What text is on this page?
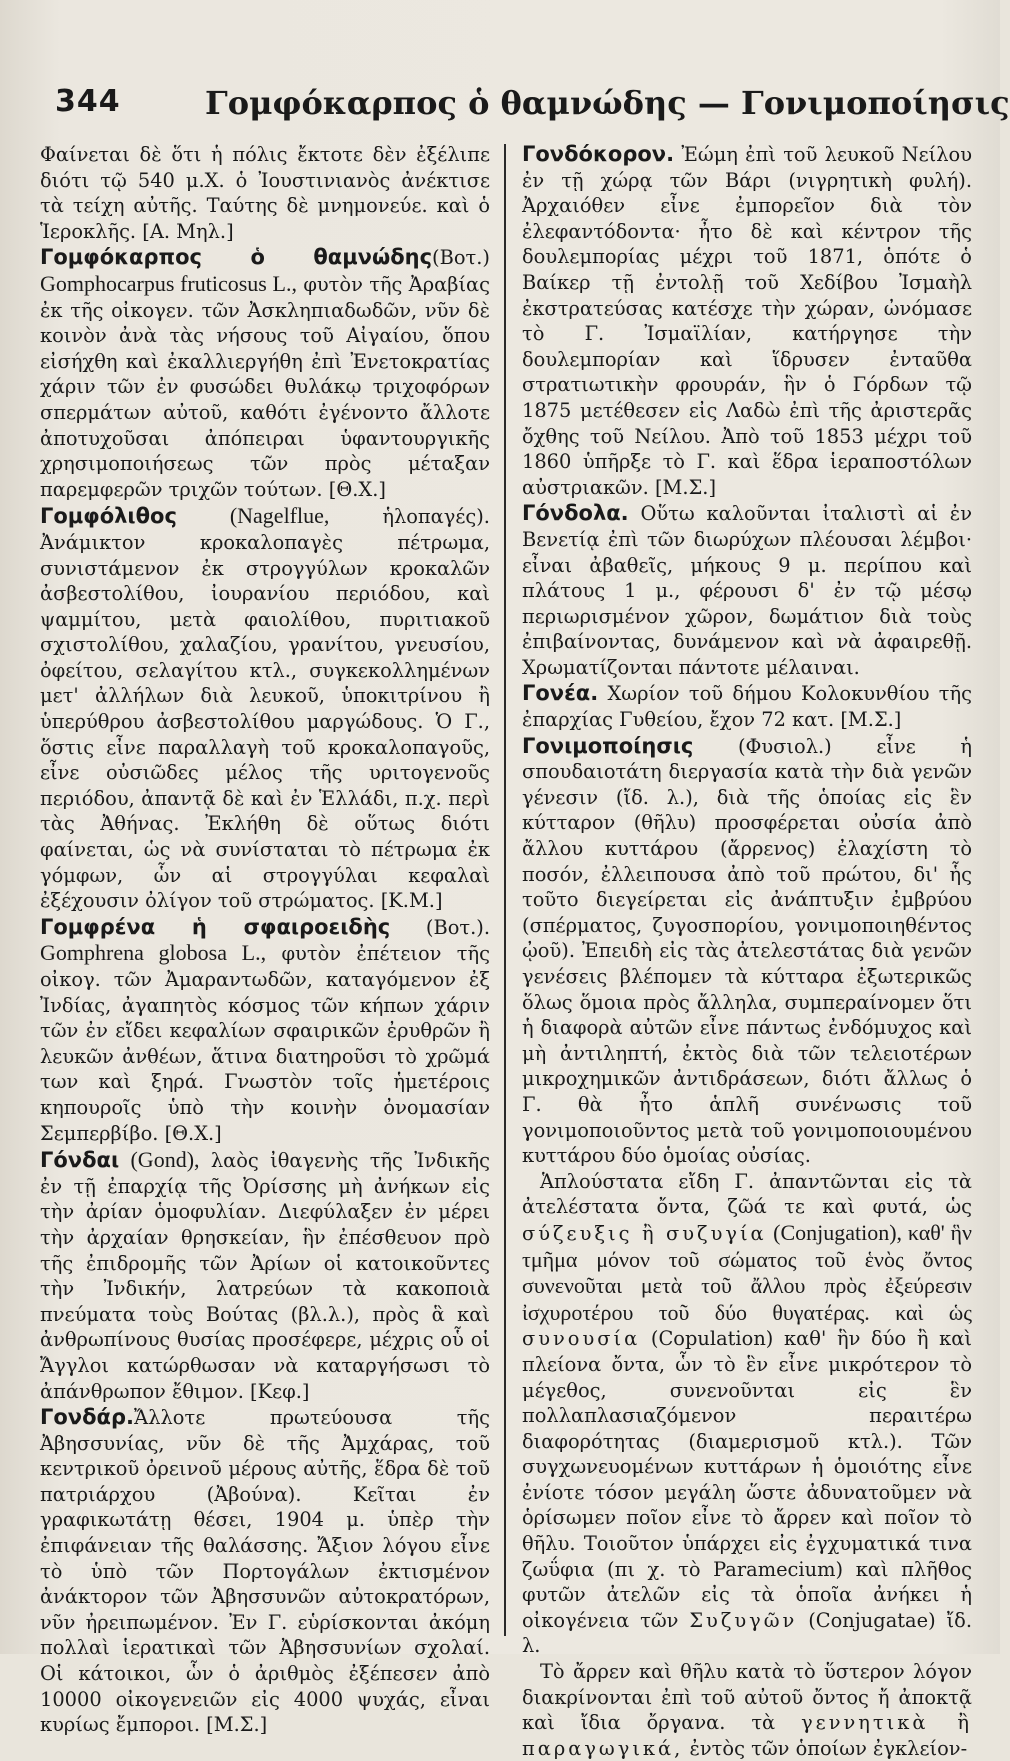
344	Γομφόκαρπος ὁ θαμνώδης — Γονιμοποίησις

Φαίνεται δὲ ὅτι ἡ πόλις ἔκτοτε δὲν ἐξέλιπε διότι τῷ 540 μ.Χ. ὁ Ἰουστινιανὸς ἀνέκτισε τὰ τείχη αὐτῆς. Ταύτης δὲ μνημονεύε. καὶ ὁ Ἱεροκλῆς. [Α. Μηλ.]

Γομφόκαρπος ὁ θαμνώδης(Βοτ.) Gomphocarpus fruticosus L., φυτὸν τῆς Ἀραβίας ἐκ τῆς οἰκογεν. τῶν Ἀσκληπιαδωδῶν, νῦν δὲ κοινὸν ἀνὰ τὰς νήσους τοῦ Αἰγαίου, ὅπου εἰσήχθη καὶ ἐκαλλιεργήθη ἐπὶ Ἐνετοκρατίας χάριν τῶν ἐν φυσώδει θυλάκῳ τριχοφόρων σπερμάτων αὐτοῦ, καθότι ἐγένοντο ἄλλοτε ἀποτυχοῦσαι ἀπόπειραι ὑφαντουργικῆς χρησιμοποιήσεως τῶν πρὸς μέταξαν παρεμφερῶν τριχῶν τούτων. [Θ.Χ.]

Γομφόλιθος (Nagelflue,	ἡλοπαγές). Ἀνάμικτον κροκαλοπαγὲς πέτρωμα, συνιστάμενον ἐκ στρογγύλων κροκαλῶν ἀσβεστολίθου, ἰουρανίου περιόδου, καὶ ψαμμίτου, μετὰ φαιολίθου, πυριτιακοῦ σχιστολίθου, χαλαζίου, γρανίτου, γνευσίου, ὀφείτου, σελαγίτου κτλ., συγκεκολλημένων μετ' ἀλλήλων διὰ λευκοῦ, ὑποκιτρίνου ἢ ὑπερύθρου ἀσβεστολίθου μαργώδους. Ὁ Γ., ὅστις εἶνε παραλλαγὴ τοῦ κροκαλοπαγοῦς, εἶνε οὐσιῶδες μέλος τῆς υριτογενοῦς περιόδου, ἀπαντᾷ δὲ καὶ ἐν Ἑλλάδι, π.χ. περὶ τὰς Ἀθήνας. Ἐκλήθη δὲ οὕτως διότι φαίνεται, ὡς νὰ συνίσταται τὸ πέτρωμα ἐκ γόμφων, ὧν αἱ στρογγύλαι κεφαλαὶ ἐξέχουσιν ὀλίγον τοῦ στρώματος. [Κ.Μ.]

Γομφρένα ἡ σφαιροειδὴς (Βοτ.). Gomphrena globosa L., φυτὸν ἐπέτειον τῆς οἰκογ. τῶν Ἀμαραντωδῶν, καταγόμενον ἐξ Ἰνδίας, ἀγαπητὸς κόσμος τῶν κήπων χάριν τῶν ἐν εἴδει κεφαλίων σφαιρικῶν ἐρυθρῶν ἢ λευκῶν ἀνθέων, ἅτινα διατηροῦσι τὸ χρῶμά των καὶ ξηρά. Γνωστὸν τοῖς ἡμετέροις κηπουροῖς ὑπὸ τὴν κοινὴν ὀνομασίαν Σεμπερβίβο. [Θ.Χ.]

Γόνδαι (Gond), λαὸς ἰθαγενὴς τῆς Ἰνδικῆς ἐν τῇ ἐπαρχίᾳ τῆς Ὀρίσσης μὴ ἀνήκων εἰς τὴν ἀρίαν ὁμοφυλίαν. Διεφύλαξεν ἐν μέρει τὴν ἀρχαίαν θρησκείαν, ἣν ἐπέσθευον πρὸ τῆς ἐπιδρομῆς τῶν Ἀρίων οἱ κατοικοῦντες τὴν Ἰνδικήν, λατρεύων τὰ κακοποιὰ πνεύματα τοὺς Βούτας (βλ.λ.), πρὸς ἃ καὶ ἀνθρωπίνους θυσίας προσέφερε, μέχρις οὗ οἱ Ἄγγλοι κατώρθωσαν νὰ καταργήσωσι τὸ ἀπάνθρωπον ἔθιμον. [Κεφ.]

Γονδάρ.Ἄλλοτε πρωτεύουσα τῆς Ἀβησσυνίας, νῦν δὲ τῆς Ἀμχάρας, τοῦ κεντρικοῦ ὀρεινοῦ μέρους αὐτῆς, ἕδρα δὲ τοῦ πατριάρχου (Ἀβούνα). Κεῖται ἐν γραφικωτάτῃ θέσει, 1904 μ. ὑπὲρ τὴν ἐπιφάνειαν τῆς θαλάσσης. Ἄξιον λόγου εἶνε τὸ ὑπὸ τῶν Πορτογάλων ἐκτισμένον ἀνάκτορον τῶν Ἀβησσυνῶν αὐτοκρατόρων, νῦν ἠρειπωμένον. Ἐν Γ. εὑρίσκονται ἀκόμη πολλαὶ ἱερατικαὶ τῶν Ἀβησσυνίων σχολαί. Οἱ κάτοικοι, ὧν ὁ ἀριθμὸς ἐξέπεσεν ἀπὸ 10000 οἰκογενειῶν εἰς 4000 ψυχάς, εἶναι κυρίως ἔμποροι. [Μ.Σ.]

Γονδόκορον. Ἐώμη ἐπὶ τοῦ λευκοῦ Νείλου ἐν τῇ χώρᾳ τῶν Βάρι (νιγρητικὴ φυλή). Ἀρχαιόθεν εἶνε ἐμπορεῖον διὰ τὸν ἐλεφαντόδοντα· ἦτο δὲ καὶ κέντρον τῆς δουλεμπορίας μέχρι τοῦ 1871, ὁπότε ὁ Βαίκερ τῇ ἐντολῇ τοῦ Χεδίβου Ἰσμαὴλ ἐκστρατεύσας κατέσχε τὴν χώραν, ὠνόμασε τὸ Γ. Ἰσμαϊλίαν, κατήργησε τὴν δουλεμπορίαν καὶ ἵδρυσεν ἐνταῦθα στρατιωτικὴν φρουράν, ἣν ὁ Γόρδων τῷ 1875 μετέθεσεν εἰς Λαδὼ ἐπὶ τῆς ἀριστερᾶς ὄχθης τοῦ Νείλου. Ἀπὸ τοῦ 1853 μέχρι τοῦ 1860 ὑπῆρξε τὸ Γ. καὶ ἕδρα ἱεραποστόλων αὐστριακῶν. [Μ.Σ.]

Γόνδολα. Οὕτω καλοῦνται ἰταλιστὶ αἱ ἐν Βενετίᾳ ἐπὶ τῶν διωρύχων πλέουσαι λέμβοι· εἶναι ἀβαθεῖς, μήκους 9 μ. περίπου καὶ πλάτους 1 μ., φέρουσι δ' ἐν τῷ μέσῳ περιωρισμένον χῶρον, δωμάτιον διὰ τοὺς ἐπιβαίνοντας, δυνάμενον καὶ νὰ ἀφαιρεθῇ. Χρωματίζονται πάντοτε μέλαιναι.

Γονέα. Χωρίον τοῦ δήμου Κολοκυνθίου τῆς ἐπαρχίας Γυθείου, ἔχον 72 κατ. [Μ.Σ.]

Γονιμοποίησις (Φυσιολ.) εἶνε ἡ σπουδαιοτάτη διεργασία κατὰ τὴν διὰ γενῶν γένεσιν (ἴδ. λ.), διὰ τῆς ὁποίας εἰς ἓν κύτταρον (θῆλυ) προσφέρεται οὐσία ἀπὸ ἄλλου κυττάρου (ἄρρενος) ἐλαχίστη τὸ ποσόν, ἐλλειπουσα ἀπὸ τοῦ πρώτου, δι' ἧς τοῦτο διεγείρεται εἰς ἀνάπτυξιν ἐμβρύου (σπέρματος, ζυγοσπορίου, γονιμοποιηθέντος ᾠοῦ). Ἐπειδὴ εἰς τὰς ἀτελεστάτας διὰ γενῶν γενέσεις βλέπομεν τὰ κύτταρα ἐξωτερικῶς ὅλως ὅμοια πρὸς ἄλληλα, συμπεραίνομεν ὅτι ἡ διαφορὰ αὐτῶν εἶνε πάντως ἐνδόμυχος καὶ μὴ ἀντιληπτή, ἐκτὸς διὰ τῶν τελειοτέρων μικροχημικῶν ἀντιδράσεων, διότι ἄλλως ὁ Γ. θὰ ἦτο ἁπλῆ συνένωσις τοῦ γονιμοποιοῦντος μετὰ τοῦ γονιμοποιουμένου κυττάρου δύο ὁμοίας οὐσίας.

Ἁπλούστατα εἴδη Γ. ἀπαντῶνται εἰς τὰ ἀτελέστατα ὄντα, ζῶά τε καὶ φυτά, ὡς σύζευξις ἢ συζυγία (Conjugation), καθ' ἣν τμῆμα μόνον τοῦ σώματος τοῦ ἑνὸς ὄντος συνενοῦται μετὰ τοῦ ἄλλου πρὸς ἐξεύρεσιν ἰσχυροτέρου τοῦ δύο θυγατέρας. καὶ ὡς συνουσία (Copulation) καθ' ἣν δύο ἢ καὶ πλείονα ὄντα, ὧν τὸ ἓν εἶνε μικρότερον τὸ μέγεθος, συνενοῦνται εἰς ἓν πολλαπλασιαζόμενον περαιτέρω διαφορότητας (διαμερισμοῦ κτλ.). Τῶν συγχωνευομένων κυττάρων ἡ ὁμοιότης εἶνε ἐνίοτε τόσον μεγάλη ὥστε ἀδυνατοῦμεν νὰ ὁρίσωμεν ποῖον εἶνε τὸ ἄρρεν καὶ ποῖον τὸ θῆλυ. Τοιοῦτον ὑπάρχει εἰς ἐγχυματικά τινα ζωΰφια (πι χ. τὸ Paramecium) καὶ πλῆθος φυτῶν ἀτελῶν εἰς τὰ ὁποῖα ἀνήκει ἡ οἰκογένεια τῶν Συζυγῶν (Conjugatae) ἴδ. λ.

Τὸ ἄρρεν καὶ θῆλυ κατὰ τὸ ὕστερον λόγον διακρίνονται ἐπὶ τοῦ αὐτοῦ ὄντος ἤ ἀποκτᾷ καὶ ἴδια ὄργανα. τὰ γεννητικὰ ἢ παραγωγικά, ἐντὸς τῶν ὁποίων ἐγκλείον-
